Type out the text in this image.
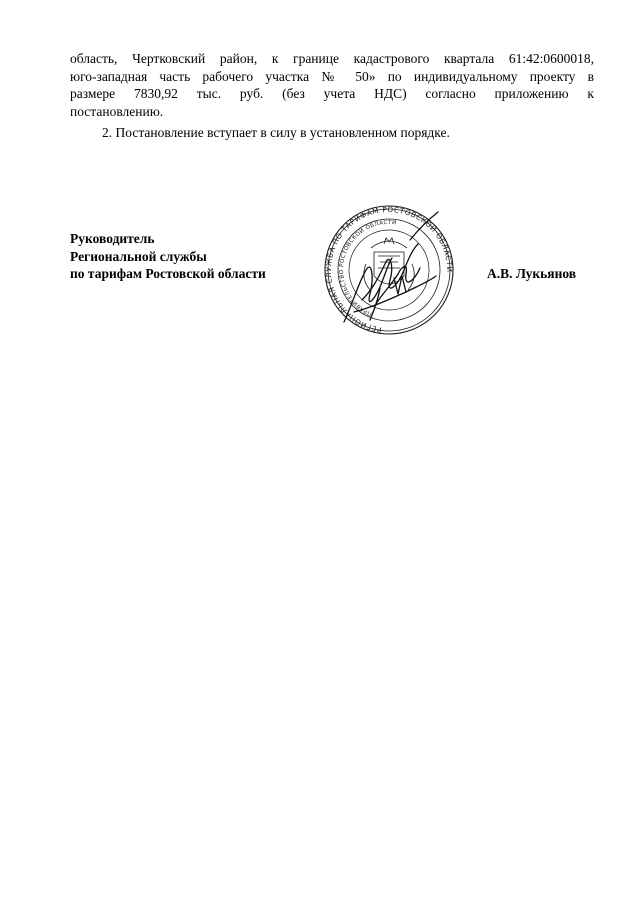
область, Чертковский район, к границе кадастрового квартала 61:42:0600018,
юго-западная часть рабочего участка № 50» по индивидуальному проекту в
размере 7830,92 тыс. руб. (без учета НДС) согласно приложению к
постановлению.

2. Постановление вступает в силу в установленном порядке.

Руководитель
Региональной службы
по тарифам Ростовской области
РЕГИОНАЛЬНАЯ СЛУЖБА ПО ТАРИФАМ РОСТОВСКОЙ ОБЛАСТИ
ПРАВИТЕЛЬСТВО РОСТОВСКОЙ ОБЛАСТИ
А.В. Лукьянов
